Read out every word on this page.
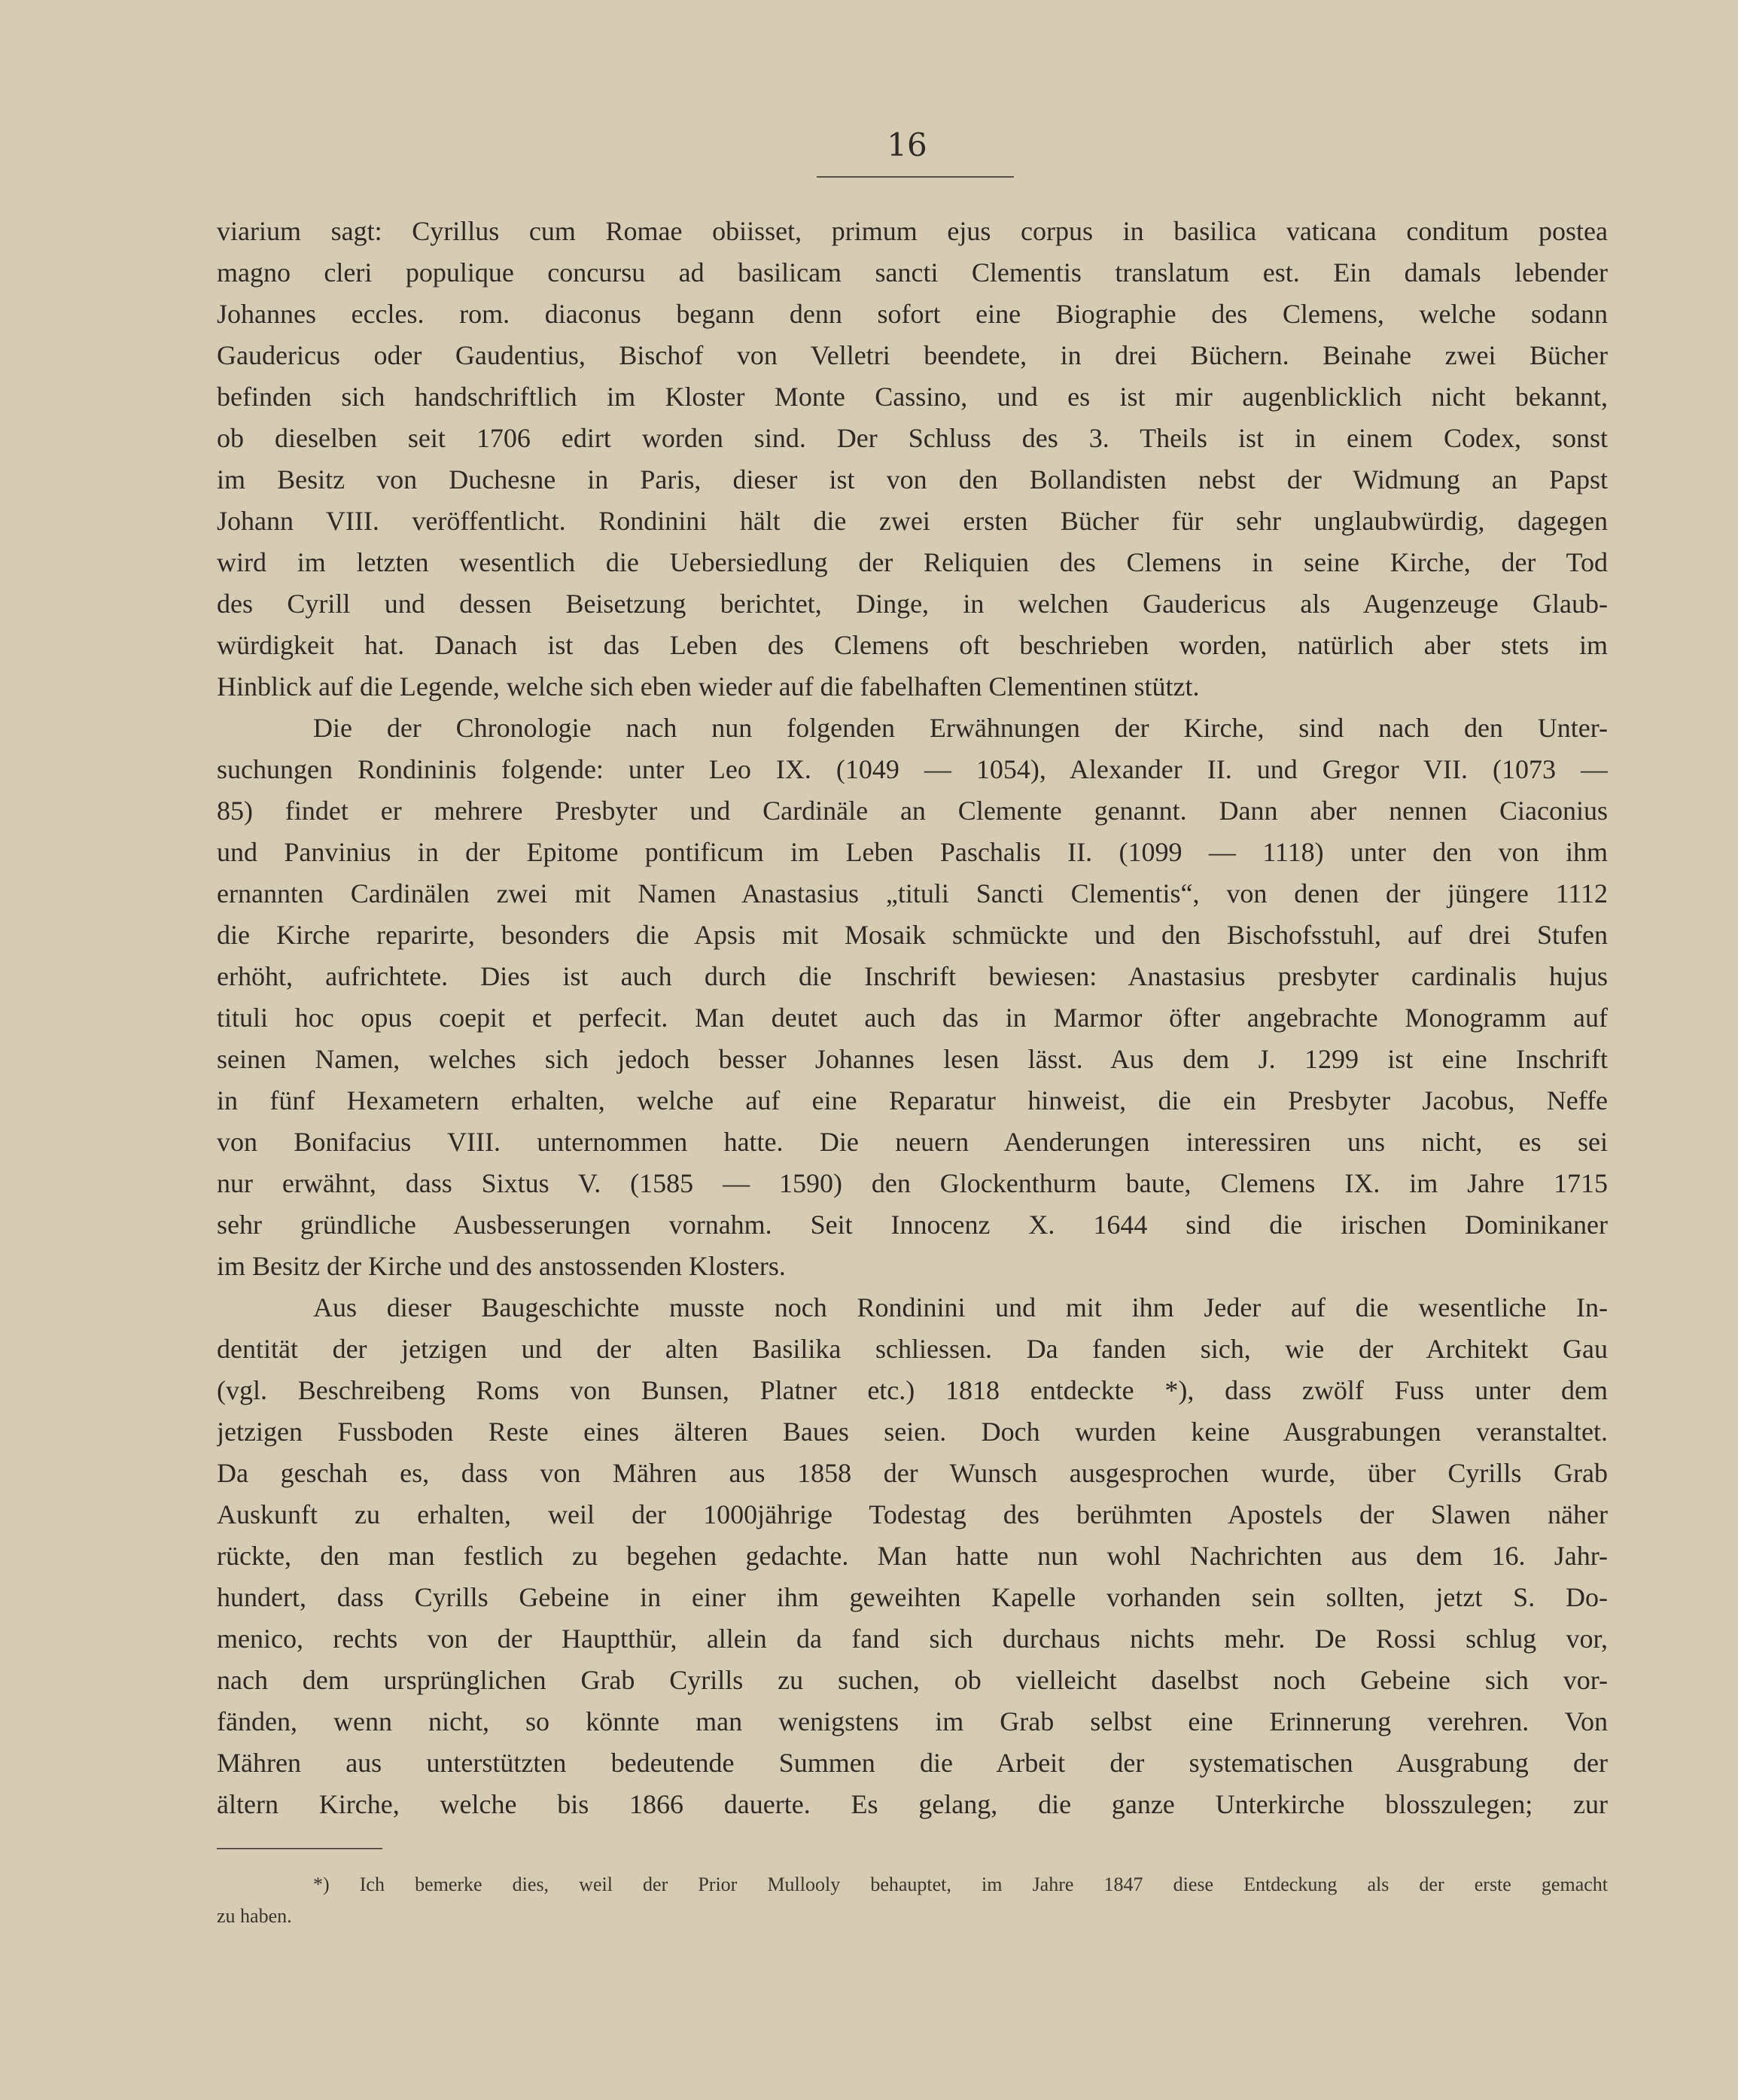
16
viarium sagt: Cyrillus cum Romae obiisset, primum ejus corpus in basilica vaticana conditum postea
magno cleri populique concursu ad basilicam sancti Clementis translatum est. Ein damals lebender
Johannes eccles. rom. diaconus begann denn sofort eine Biographie des Clemens, welche sodann
Gaudericus oder Gaudentius, Bischof von Velletri beendete, in drei Büchern. Beinahe zwei Bücher
befinden sich handschriftlich im Kloster Monte Cassino, und es ist mir augenblicklich nicht bekannt,
ob dieselben seit 1706 edirt worden sind. Der Schluss des 3. Theils ist in einem Codex, sonst
im Besitz von Duchesne in Paris, dieser ist von den Bollandisten nebst der Widmung an Papst
Johann VIII. veröffentlicht. Rondinini hält die zwei ersten Bücher für sehr unglaubwürdig, dagegen
wird im letzten wesentlich die Uebersiedlung der Reliquien des Clemens in seine Kirche, der Tod
des Cyrill und dessen Beisetzung berichtet, Dinge, in welchen Gaudericus als Augenzeuge Glaub-
würdigkeit hat. Danach ist das Leben des Clemens oft beschrieben worden, natürlich aber stets im
Hinblick auf die Legende, welche sich eben wieder auf die fabelhaften Clementinen stützt.
Die der Chronologie nach nun folgenden Erwähnungen der Kirche, sind nach den Unter-
suchungen Rondininis folgende: unter Leo IX. (1049 — 1054), Alexander II. und Gregor VII. (1073 —
85) findet er mehrere Presbyter und Cardinäle an Clemente genannt. Dann aber nennen Ciaconius
und Panvinius in der Epitome pontificum im Leben Paschalis II. (1099 — 1118) unter den von ihm
ernannten Cardinälen zwei mit Namen Anastasius „tituli Sancti Clementis“, von denen der jüngere 1112
die Kirche reparirte, besonders die Apsis mit Mosaik schmückte und den Bischofsstuhl, auf drei Stufen
erhöht, aufrichtete. Dies ist auch durch die Inschrift bewiesen: Anastasius presbyter cardinalis hujus
tituli hoc opus coepit et perfecit. Man deutet auch das in Marmor öfter angebrachte Monogramm auf
seinen Namen, welches sich jedoch besser Johannes lesen lässt. Aus dem J. 1299 ist eine Inschrift
in fünf Hexametern erhalten, welche auf eine Reparatur hinweist, die ein Presbyter Jacobus, Neffe
von Bonifacius VIII. unternommen hatte. Die neuern Aenderungen interessiren uns nicht, es sei
nur erwähnt, dass Sixtus V. (1585 — 1590) den Glockenthurm baute, Clemens IX. im Jahre 1715
sehr gründliche Ausbesserungen vornahm. Seit Innocenz X. 1644 sind die irischen Dominikaner
im Besitz der Kirche und des anstossenden Klosters.
Aus dieser Baugeschichte musste noch Rondinini und mit ihm Jeder auf die wesentliche In-
dentität der jetzigen und der alten Basilika schliessen. Da fanden sich, wie der Architekt Gau
(vgl. Beschreibeng Roms von Bunsen, Platner etc.) 1818 entdeckte *), dass zwölf Fuss unter dem
jetzigen Fussboden Reste eines älteren Baues seien. Doch wurden keine Ausgrabungen veranstaltet.
Da geschah es, dass von Mähren aus 1858 der Wunsch ausgesprochen wurde, über Cyrills Grab
Auskunft zu erhalten, weil der 1000jährige Todestag des berühmten Apostels der Slawen näher
rückte, den man festlich zu begehen gedachte. Man hatte nun wohl Nachrichten aus dem 16. Jahr-
hundert, dass Cyrills Gebeine in einer ihm geweihten Kapelle vorhanden sein sollten, jetzt S. Do-
menico, rechts von der Hauptthür, allein da fand sich durchaus nichts mehr. De Rossi schlug vor,
nach dem ursprünglichen Grab Cyrills zu suchen, ob vielleicht daselbst noch Gebeine sich vor-
fänden, wenn nicht, so könnte man wenigstens im Grab selbst eine Erinnerung verehren. Von
Mähren aus unterstützten bedeutende Summen die Arbeit der systematischen Ausgrabung der
ältern Kirche, welche bis 1866 dauerte. Es gelang, die ganze Unterkirche blosszulegen; zur
*) Ich bemerke dies, weil der Prior Mullooly behauptet, im Jahre 1847 diese Entdeckung als der erste gemacht
zu haben.
